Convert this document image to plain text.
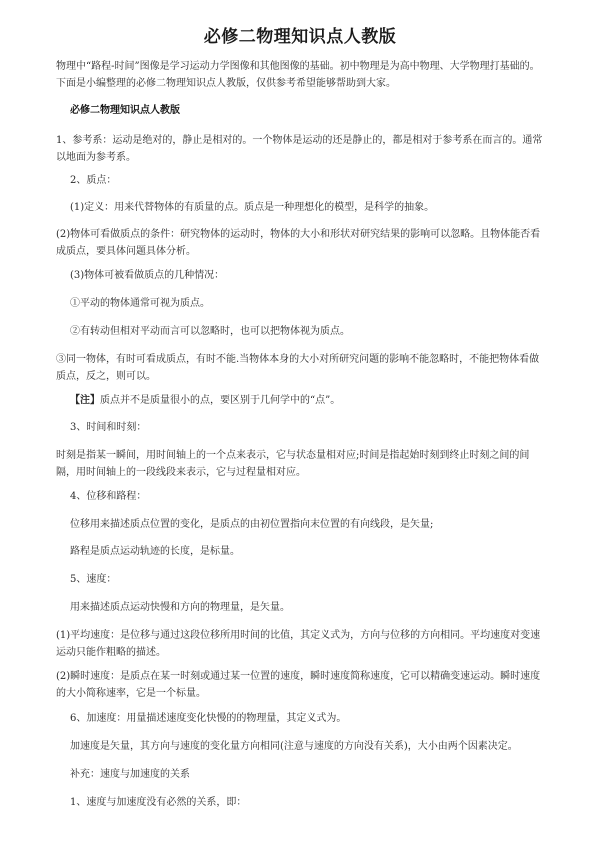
必修二物理知识点人教版
物理中“路程-时间”图像是学习运动力学图像和其他图像的基础。初中物理是为高中物理、大学物理打基础的。下面是小编整理的必修二物理知识点人教版，仅供参考希望能够帮助到大家。
必修二物理知识点人教版
1、参考系：运动是绝对的，静止是相对的。一个物体是运动的还是静止的，都是相对于参考系在而言的。通常以地面为参考系。
2、质点：
(1)定义：用来代替物体的有质量的点。质点是一种理想化的模型，是科学的抽象。
(2)物体可看做质点的条件：研究物体的运动时，物体的大小和形状对研究结果的影响可以忽略。且物体能否看成质点，要具体问题具体分析。
(3)物体可被看做质点的几种情况：
①平动的物体通常可视为质点。
②有转动但相对平动而言可以忽略时，也可以把物体视为质点。
③同一物体，有时可看成质点，有时不能.当物体本身的大小对所研究问题的影响不能忽略时，不能把物体看做质点，反之，则可以。
【注】质点并不是质量很小的点，要区别于几何学中的“点”。
3、时间和时刻：
时刻是指某一瞬间，用时间轴上的一个点来表示，它与状态量相对应;时间是指起始时刻到终止时刻之间的间隔，用时间轴上的一段线段来表示，它与过程量相对应。
4、位移和路程：
位移用来描述质点位置的变化，是质点的由初位置指向末位置的有向线段，是矢量;
路程是质点运动轨迹的长度，是标量。
5、速度：
用来描述质点运动快慢和方向的物理量，是矢量。
(1)平均速度：是位移与通过这段位移所用时间的比值，其定义式为，方向与位移的方向相同。平均速度对变速运动只能作粗略的描述。
(2)瞬时速度：是质点在某一时刻或通过某一位置的速度，瞬时速度简称速度，它可以精确变速运动。瞬时速度的大小简称速率，它是一个标量。
6、加速度：用量描述速度变化快慢的的物理量，其定义式为。
加速度是矢量，其方向与速度的变化量方向相同(注意与速度的方向没有关系)，大小由两个因素决定。
补充：速度与加速度的关系
1、速度与加速度没有必然的关系，即：
